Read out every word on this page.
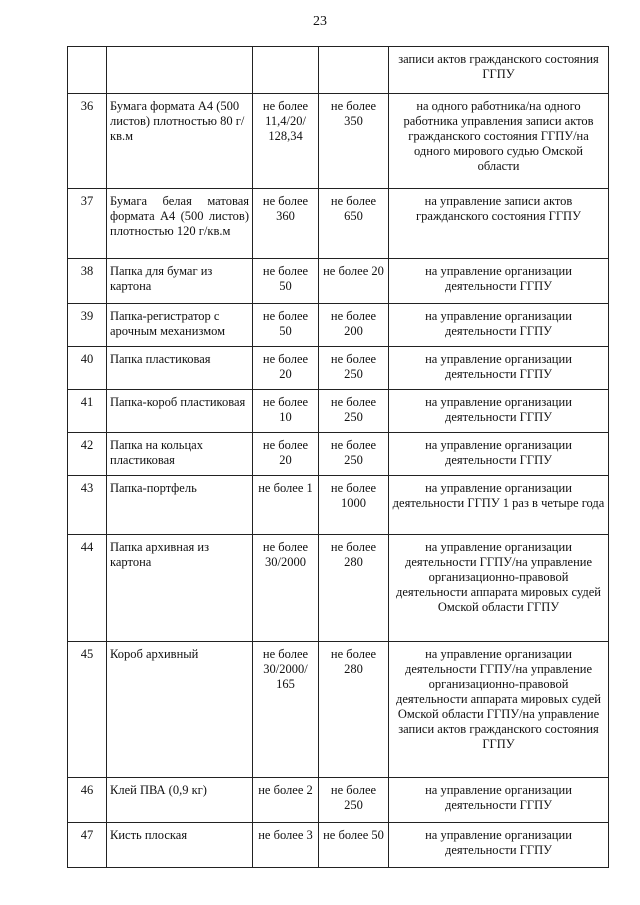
23
				записи актов гражданского состояния ГГПУ
36	Бумага формата А4 (500 листов) плотностью 80 г/кв.м	не более 11,4/20/ 128,34	не более 350	на одного работника/на одного работника управления записи актов гражданского состояния ГГПУ/на одного мирового судью Омской области
37	Бумага белая матовая формата А4 (500 листов) плотностью 120 г/кв.м	не более 360	не более 650	на управление записи актов гражданского состояния ГГПУ
38	Папка для бумаг из картона	не более 50	не более 20	на управление организации деятельности ГГПУ
39	Папка-регистратор с арочным механизмом	не более 50	не более 200	на управление организации деятельности ГГПУ
40	Папка пластиковая	не более 20	не более 250	на управление организации деятельности ГГПУ
41	Папка-короб пластиковая	не более 10	не более 250	на управление организации деятельности ГГПУ
42	Папка на кольцах пластиковая	не более 20	не более 250	на управление организации деятельности ГГПУ
43	Папка-портфель	не более 1	не более 1000	на управление организации деятельности ГГПУ 1 раз в четыре года
44	Папка архивная из картона	не более 30/2000	не более 280	на управление организации деятельности ГГПУ/на управление организационно-правовой деятельности аппарата мировых судей Омской области ГГПУ
45	Короб архивный	не более 30/2000/ 165	не более 280	на управление организации деятельности ГГПУ/на управление организационно-правовой деятельности аппарата мировых судей Омской области ГГПУ/на управление записи актов гражданского состояния ГГПУ
46	Клей ПВА (0,9 кг)	не более 2	не более 250	на управление организации деятельности ГГПУ
47	Кисть плоская	не более 3	не более 50	на управление организации деятельности ГГПУ
